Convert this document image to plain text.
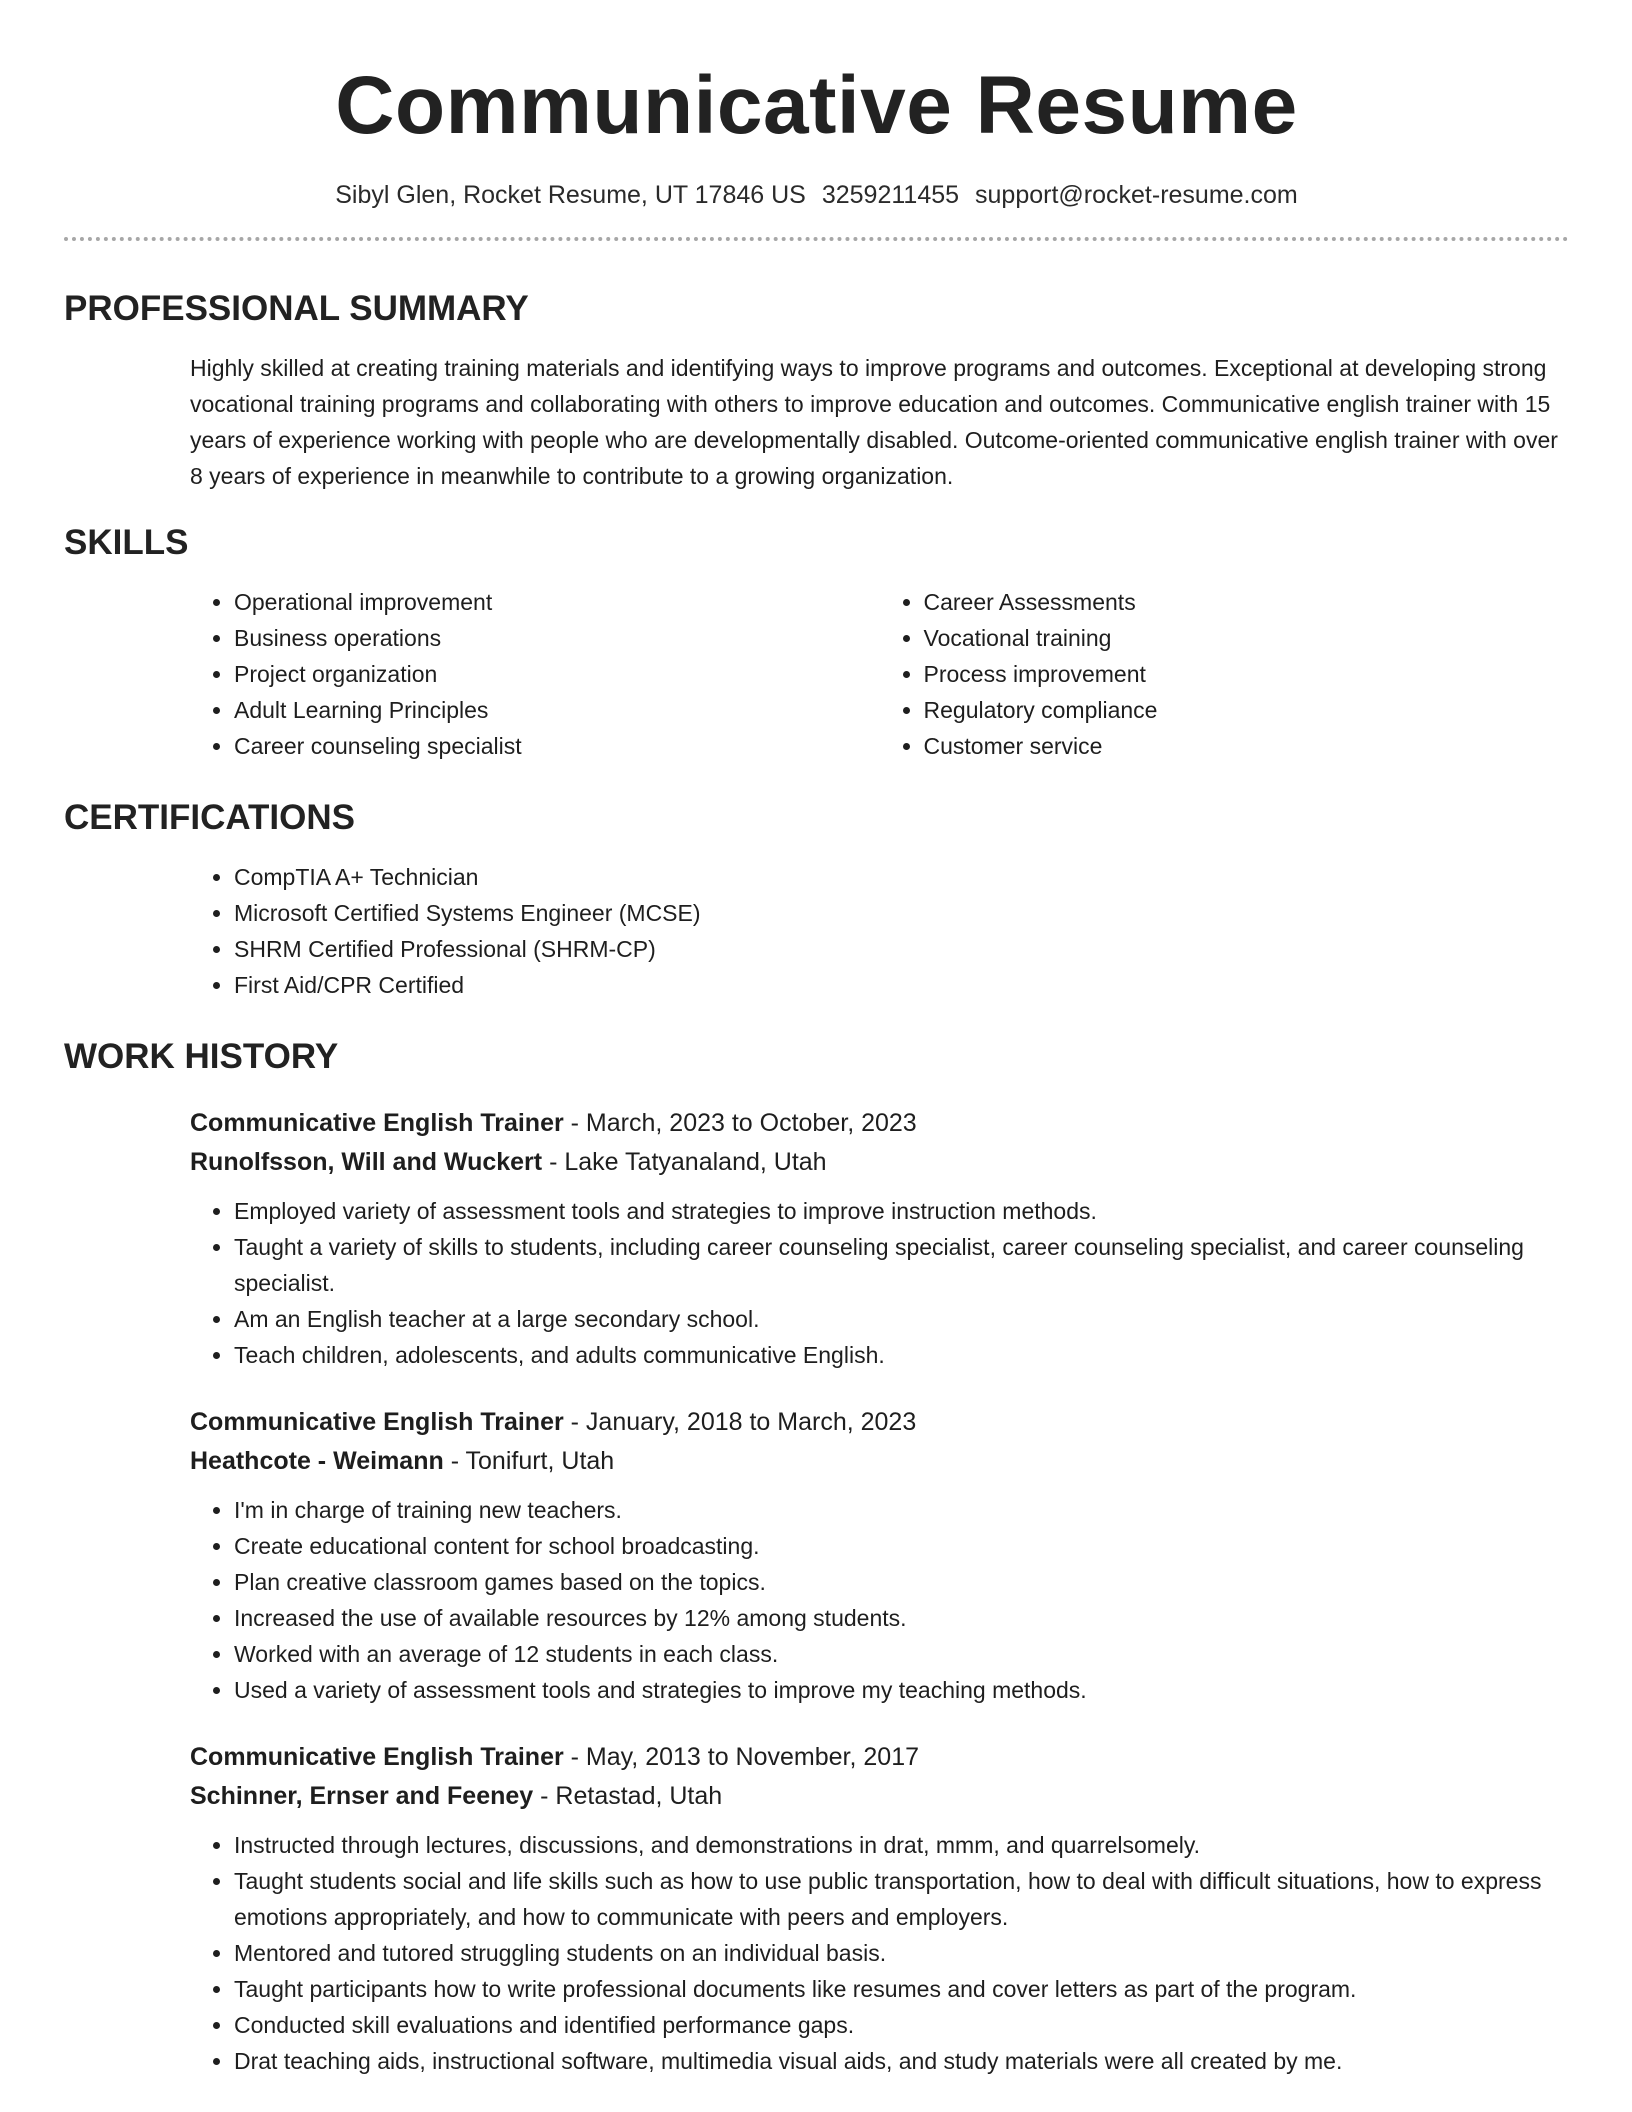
Communicative Resume
Sibyl Glen, Rocket Resume, UT 17846 US 3259211455 support@rocket-resume.com
PROFESSIONAL SUMMARY
Highly skilled at creating training materials and identifying ways to improve programs and outcomes. Exceptional at developing strong vocational training programs and collaborating with others to improve education and outcomes. Communicative english trainer with 15 years of experience working with people who are developmentally disabled. Outcome-oriented communicative english trainer with over 8 years of experience in meanwhile to contribute to a growing organization.
SKILLS
• Operational improvement
• Business operations
• Project organization
• Adult Learning Principles
• Career counseling specialist
• Career Assessments
• Vocational training
• Process improvement
• Regulatory compliance
• Customer service
CERTIFICATIONS
• CompTIA A+ Technician
• Microsoft Certified Systems Engineer (MCSE)
• SHRM Certified Professional (SHRM-CP)
• First Aid/CPR Certified
WORK HISTORY
Communicative English Trainer - March, 2023 to October, 2023
Runolfsson, Will and Wuckert - Lake Tatyanaland, Utah
• Employed variety of assessment tools and strategies to improve instruction methods.
• Taught a variety of skills to students, including career counseling specialist, career counseling specialist, and career counseling specialist.
• Am an English teacher at a large secondary school.
• Teach children, adolescents, and adults communicative English.
Communicative English Trainer - January, 2018 to March, 2023
Heathcote - Weimann - Tonifurt, Utah
• I'm in charge of training new teachers.
• Create educational content for school broadcasting.
• Plan creative classroom games based on the topics.
• Increased the use of available resources by 12% among students.
• Worked with an average of 12 students in each class.
• Used a variety of assessment tools and strategies to improve my teaching methods.
Communicative English Trainer - May, 2013 to November, 2017
Schinner, Ernser and Feeney - Retastad, Utah
• Instructed through lectures, discussions, and demonstrations in drat, mmm, and quarrelsomely.
• Taught students social and life skills such as how to use public transportation, how to deal with difficult situations, how to express emotions appropriately, and how to communicate with peers and employers.
• Mentored and tutored struggling students on an individual basis.
• Taught participants how to write professional documents like resumes and cover letters as part of the program.
• Conducted skill evaluations and identified performance gaps.
• Drat teaching aids, instructional software, multimedia visual aids, and study materials were all created by me.
